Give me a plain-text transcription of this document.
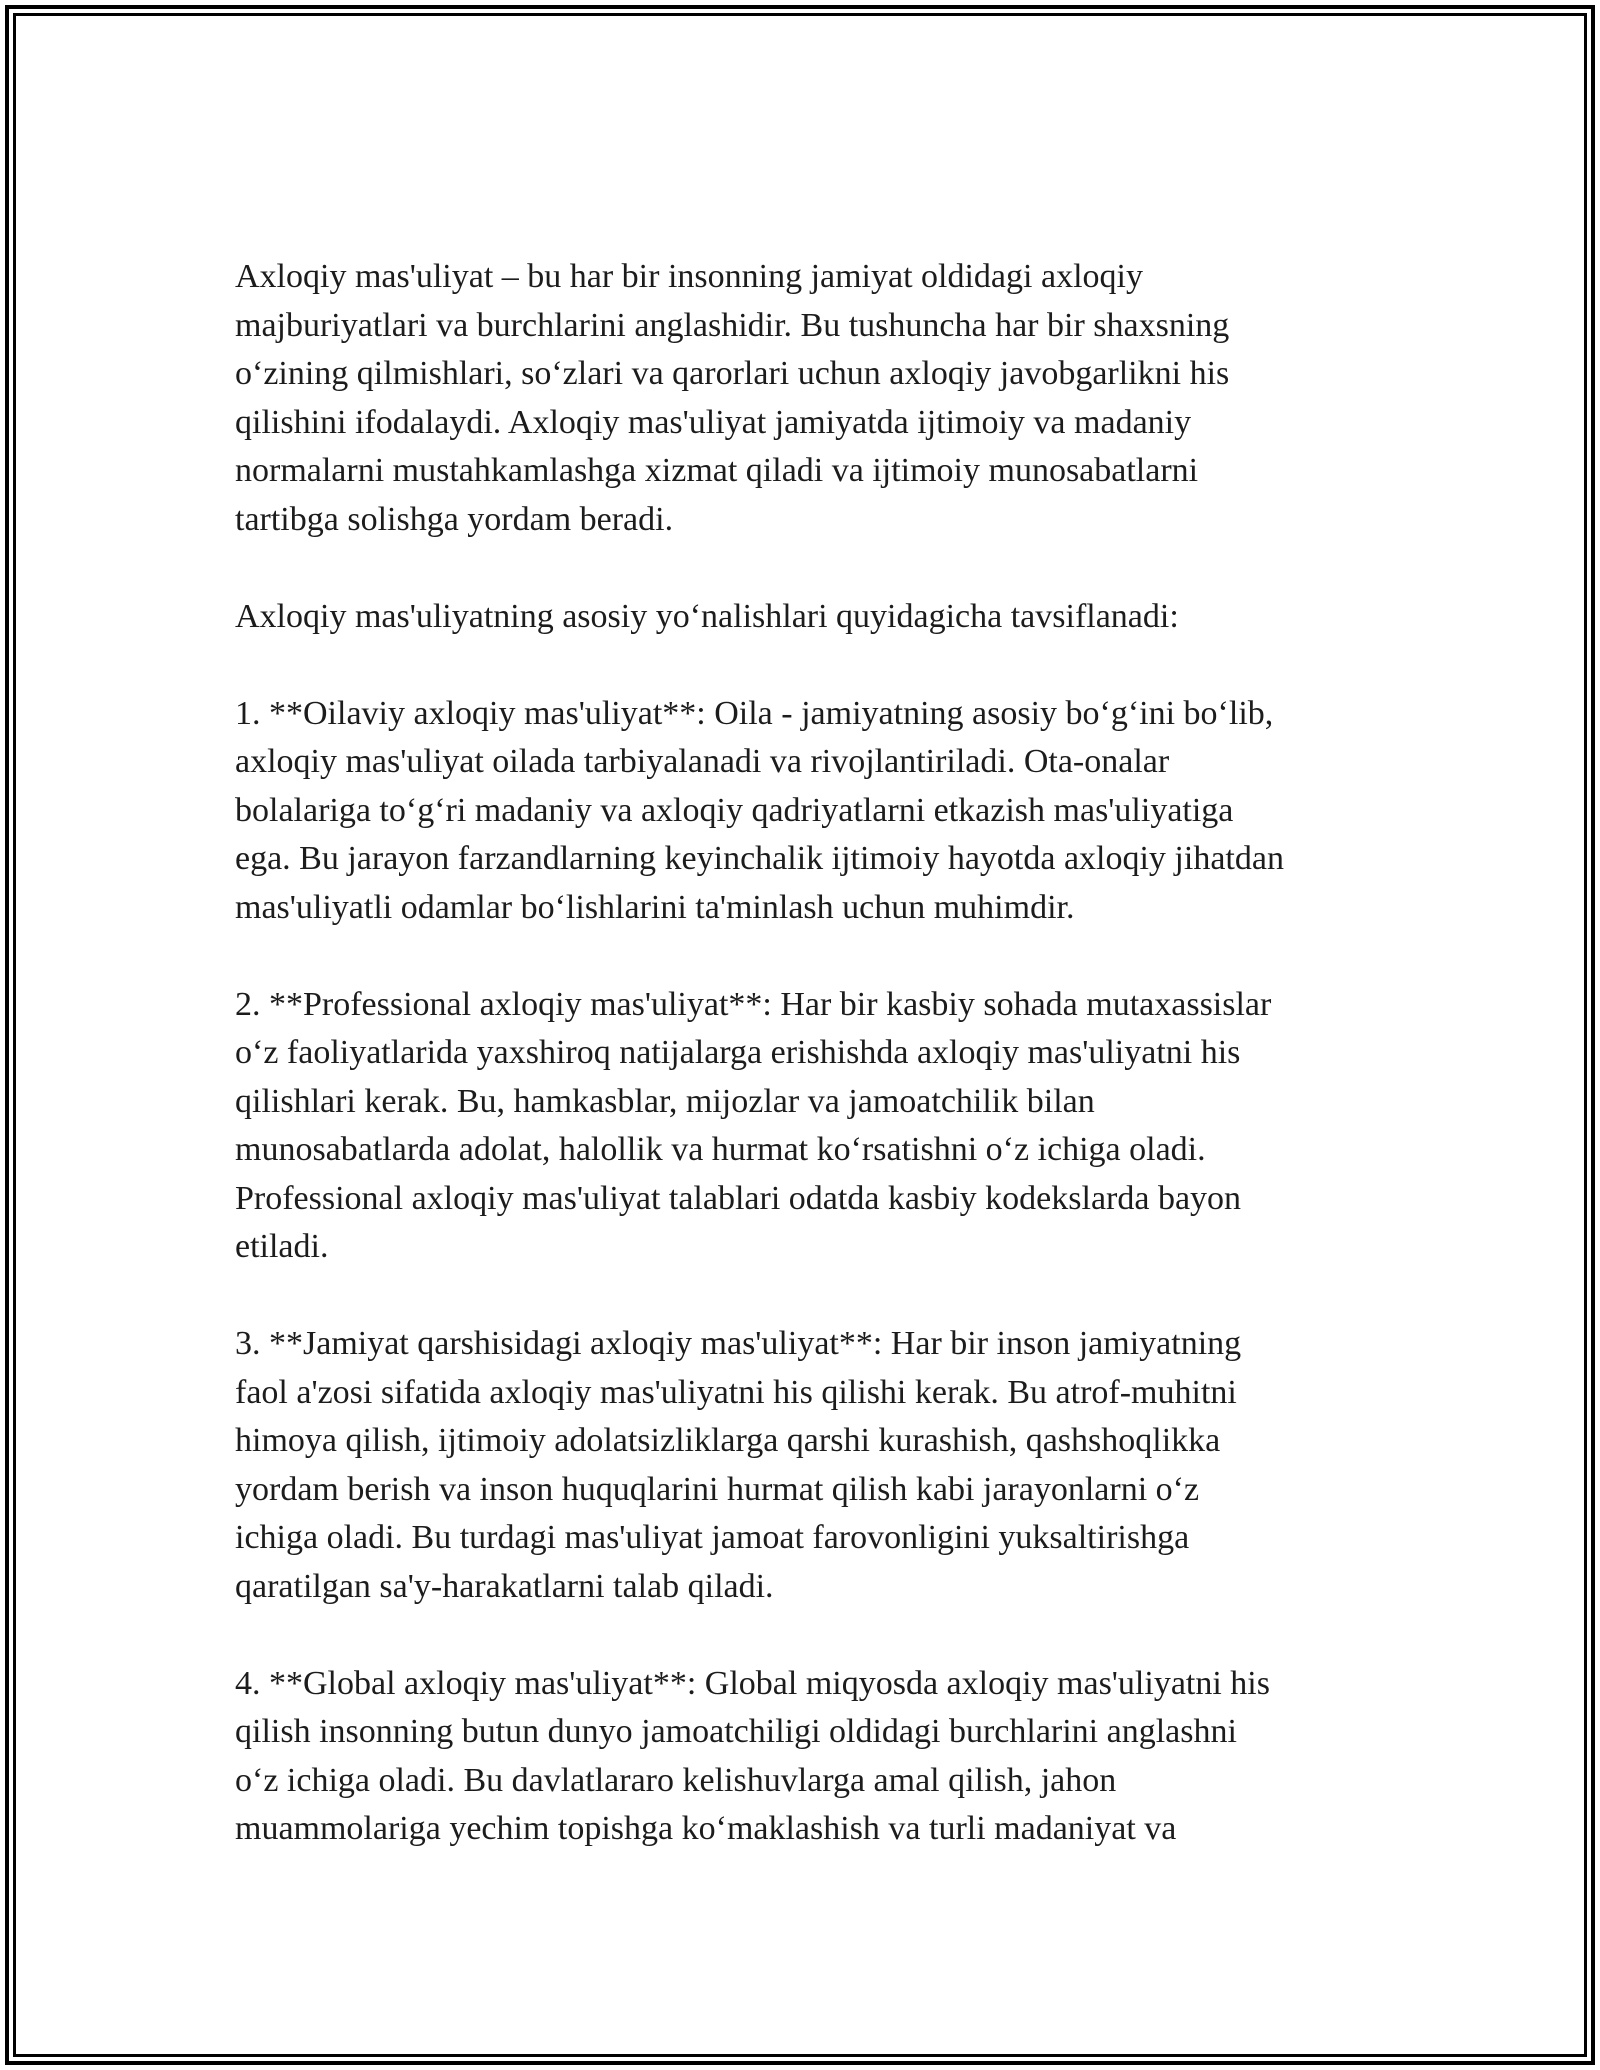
Axloqiy mas'uliyat – bu har bir insonning jamiyat oldidagi axloqiy
majburiyatlari va burchlarini anglashidir. Bu tushuncha har bir shaxsning
o‘zining qilmishlari, so‘zlari va qarorlari uchun axloqiy javobgarlikni his
qilishini ifodalaydi. Axloqiy mas'uliyat jamiyatda ijtimoiy va madaniy
normalarni mustahkamlashga xizmat qiladi va ijtimoiy munosabatlarni
tartibga solishga yordam beradi.

Axloqiy mas'uliyatning asosiy yo‘nalishlari quyidagicha tavsiflanadi:

1. **Oilaviy axloqiy mas'uliyat**: Oila - jamiyatning asosiy bo‘g‘ini bo‘lib,
axloqiy mas'uliyat oilada tarbiyalanadi va rivojlantiriladi. Ota-onalar
bolalariga to‘g‘ri madaniy va axloqiy qadriyatlarni etkazish mas'uliyatiga
ega. Bu jarayon farzandlarning keyinchalik ijtimoiy hayotda axloqiy jihatdan
mas'uliyatli odamlar bo‘lishlarini ta'minlash uchun muhimdir.

2. **Professional axloqiy mas'uliyat**: Har bir kasbiy sohada mutaxassislar
o‘z faoliyatlarida yaxshiroq natijalarga erishishda axloqiy mas'uliyatni his
qilishlari kerak. Bu, hamkasblar, mijozlar va jamoatchilik bilan
munosabatlarda adolat, halollik va hurmat ko‘rsatishni o‘z ichiga oladi.
Professional axloqiy mas'uliyat talablari odatda kasbiy kodekslarda bayon
etiladi.

3. **Jamiyat qarshisidagi axloqiy mas'uliyat**: Har bir inson jamiyatning
faol a'zosi sifatida axloqiy mas'uliyatni his qilishi kerak. Bu atrof-muhitni
himoya qilish, ijtimoiy adolatsizliklarga qarshi kurashish, qashshoqlikka
yordam berish va inson huquqlarini hurmat qilish kabi jarayonlarni o‘z
ichiga oladi. Bu turdagi mas'uliyat jamoat farovonligini yuksaltirishga
qaratilgan sa'y-harakatlarni talab qiladi.

4. **Global axloqiy mas'uliyat**: Global miqyosda axloqiy mas'uliyatni his
qilish insonning butun dunyo jamoatchiligi oldidagi burchlarini anglashni
o‘z ichiga oladi. Bu davlatlararo kelishuvlarga amal qilish, jahon
muammolariga yechim topishga ko‘maklashish va turli madaniyat va
